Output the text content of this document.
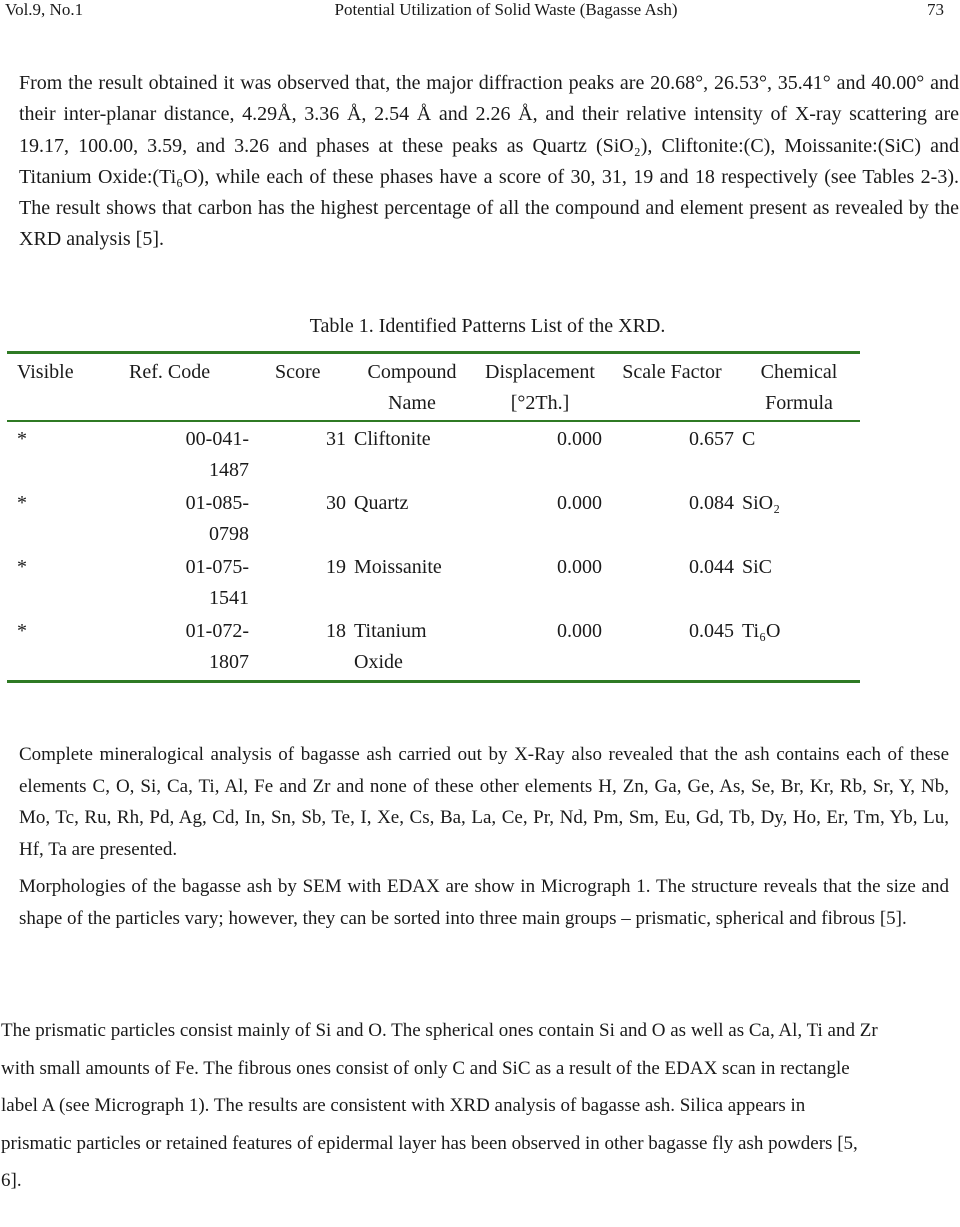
Vol.9, No.1	Potential Utilization of Solid Waste (Bagasse Ash)	73

From the result obtained it was observed that, the major diffraction peaks are 20.68°, 26.53°, 35.41° and 40.00° and their inter-planar distance, 4.29Å, 3.36 Å, 2.54 Å and 2.26 Å, and their relative intensity of X-ray scattering are 19.17, 100.00, 3.59, and 3.26 and phases at these peaks as Quartz (SiO₂), Cliftonite:(C), Moissanite:(SiC) and Titanium Oxide:(Ti₆O), while each of these phases have a score of 30, 31, 19 and 18 respectively (see Tables 2-3). The result shows that carbon has the highest percentage of all the compound and element present as revealed by the XRD analysis [5].

Table 1. Identified Patterns List of the XRD.
Visible	Ref. Code	Score	Compound Name	Displacement [°2Th.]	Scale Factor	Chemical Formula
*	00-041-1487	31	Cliftonite	0.000	0.657	C
*	01-085-0798	30	Quartz	0.000	0.084	SiO₂
*	01-075-1541	19	Moissanite	0.000	0.044	SiC
*	01-072-1807	18	Titanium Oxide	0.000	0.045	Ti₆O

Complete mineralogical analysis of bagasse ash carried out by X-Ray also revealed that the ash contains each of these elements C, O, Si, Ca, Ti, Al, Fe and Zr and none of these other elements H, Zn, Ga, Ge, As, Se, Br, Kr, Rb, Sr, Y, Nb, Mo, Tc, Ru, Rh, Pd, Ag, Cd, In, Sn, Sb, Te, I, Xe, Cs, Ba, La, Ce, Pr, Nd, Pm, Sm, Eu, Gd, Tb, Dy, Ho, Er, Tm, Yb, Lu, Hf, Ta are presented.

Morphologies of the bagasse ash by SEM with EDAX are show in Micrograph 1. The structure reveals that the size and shape of the particles vary; however, they can be sorted into three main groups – prismatic, spherical and fibrous [5].

The prismatic particles consist mainly of Si and O. The spherical ones contain Si and O as well as Ca, Al, Ti and Zr with small amounts of Fe. The fibrous ones consist of only C and SiC as a result of the EDAX scan in rectangle label A (see Micrograph 1). The results are consistent with XRD analysis of bagasse ash. Silica appears in prismatic particles or retained features of epidermal layer has been observed in other bagasse fly ash powders [5, 6].
